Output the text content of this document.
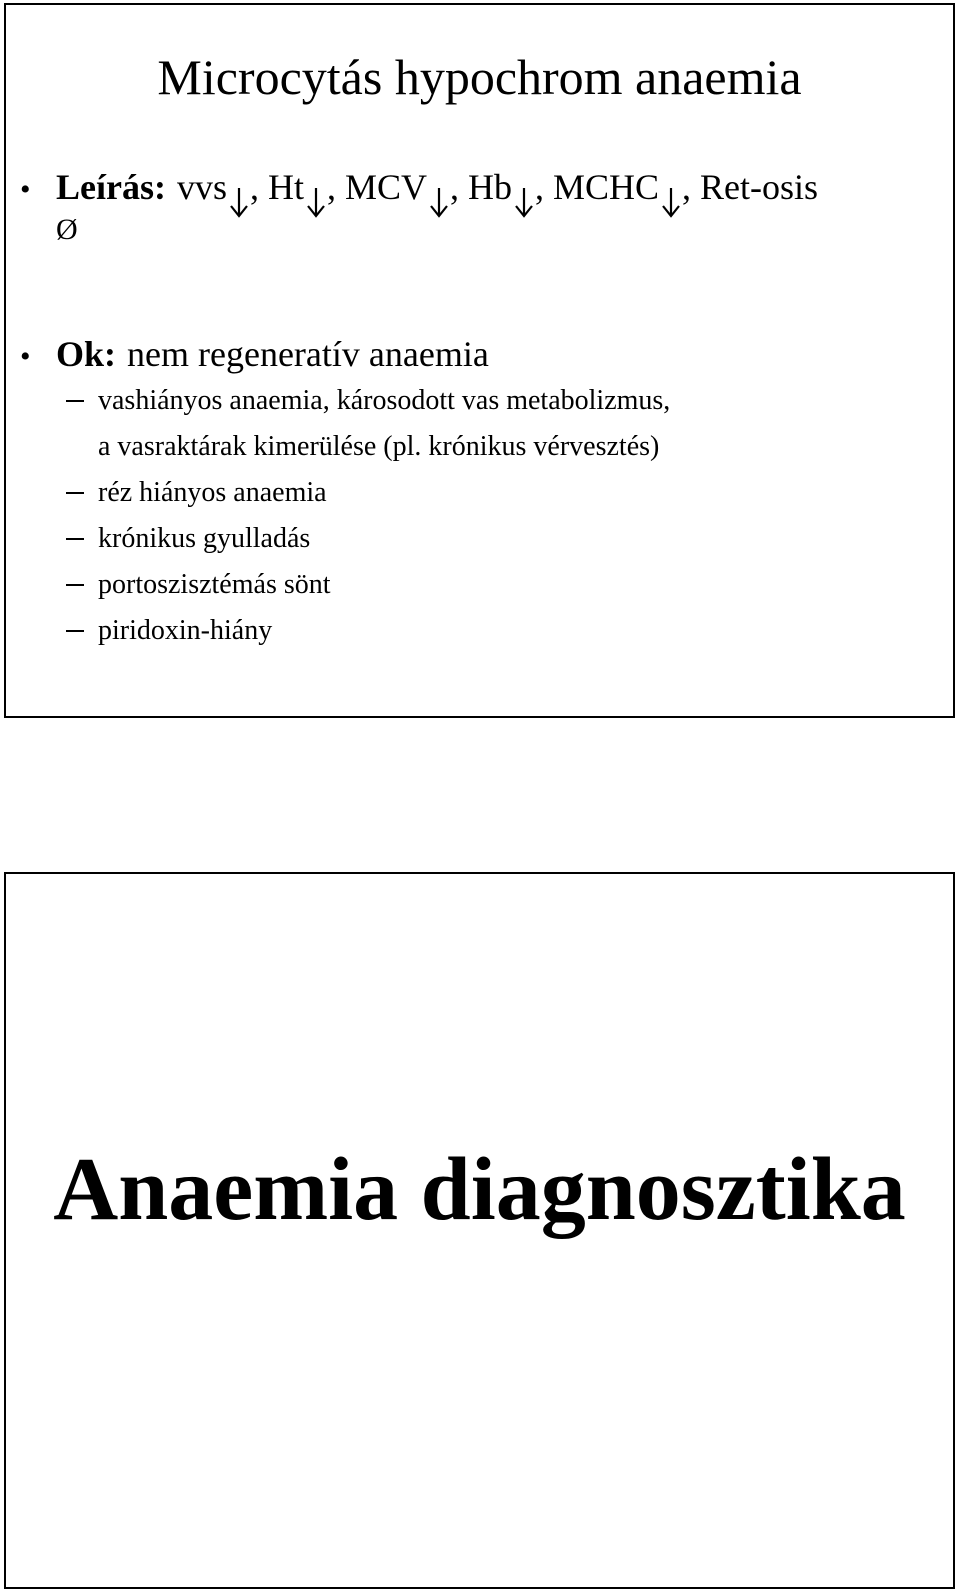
Microcytás hypochrom anaemia
• Leírás: vvs , Ht , MCV , Hb , MCHC , Ret-osis
Ø
• Ok: nem regeneratív anaemia
vashiányos anaemia, károsodott vas metabolizmus,
a vasraktárak kimerülése (pl. krónikus vérvesztés)
réz hiányos anaemia
krónikus gyulladás
portoszisztémás sönt
piridoxin-hiány
Anaemia diagnosztika
